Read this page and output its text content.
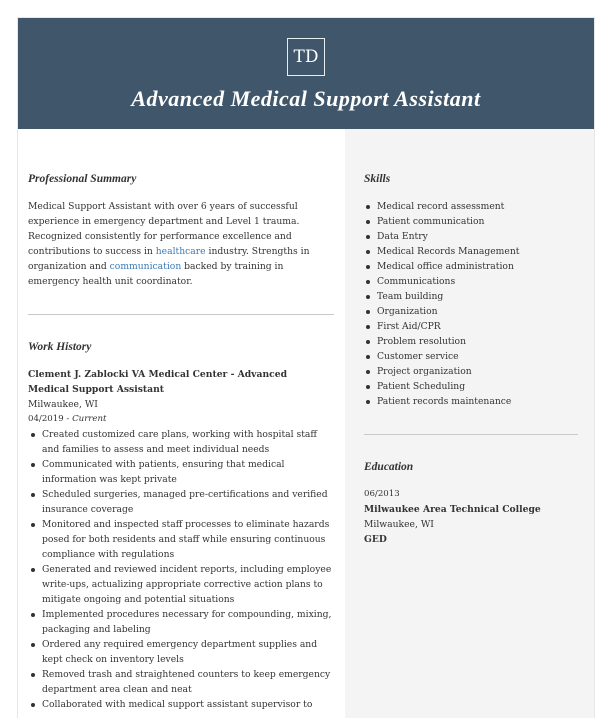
TD
Advanced Medical Support Assistant
Professional Summary
Medical Support Assistant with over 6 years of successful experience in emergency department and Level 1 trauma. Recognized consistently for performance excellence and contributions to success in healthcare industry. Strengths in organization and communication backed by training in emergency health unit coordinator.
Work History
Clement J. Zablocki VA Medical Center - Advanced Medical Support Assistant
Milwaukee, WI
04/2019 - Current
Created customized care plans, working with hospital staff and families to assess and meet individual needs
Communicated with patients, ensuring that medical information was kept private
Scheduled surgeries, managed pre-certifications and verified insurance coverage
Monitored and inspected staff processes to eliminate hazards posed for both residents and staff while ensuring continuous compliance with regulations
Generated and reviewed incident reports, including employee write-ups, actualizing appropriate corrective action plans to mitigate ongoing and potential situations
Implemented procedures necessary for compounding, mixing, packaging and labeling
Ordered any required emergency department supplies and kept check on inventory levels
Removed trash and straightened counters to keep emergency department area clean and neat
Collaborated with medical support assistant supervisor to
Skills
Medical record assessment
Patient communication
Data Entry
Medical Records Management
Medical office administration
Communications
Team building
Organization
First Aid/CPR
Problem resolution
Customer service
Project organization
Patient Scheduling
Patient records maintenance
Education
06/2013
Milwaukee Area Technical College
Milwaukee, WI
GED
